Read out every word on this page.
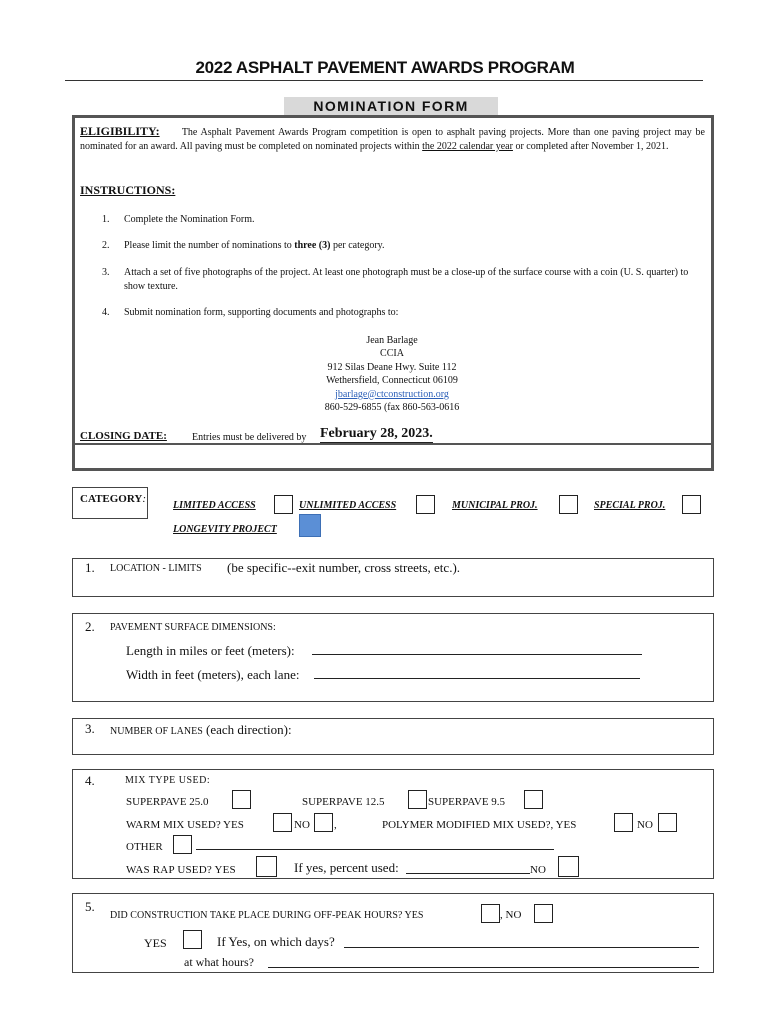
2022 ASPHALT PAVEMENT AWARDS PROGRAM
NOMINATION FORM
ELIGIBILITY: The Asphalt Pavement Awards Program competition is open to asphalt paving projects. More than one paving project may be nominated for an award. All paving must be completed on nominated projects within the 2022 calendar year or completed after November 1, 2021.
INSTRUCTIONS:
1. Complete the Nomination Form.
2. Please limit the number of nominations to three (3) per category.
3. Attach a set of five photographs of the project. At least one photograph must be a close-up of the surface course with a coin (U. S. quarter) to show texture.
4. Submit nomination form, supporting documents and photographs to:
Jean Barlage
CCIA
912 Silas Deane Hwy. Suite 112
Wethersfield, Connecticut 06109
jbarlage@ctconstruction.org
860-529-6855 (fax 860-563-0616
CLOSING DATE:	Entries must be delivered by February 28, 2023.
CATEGORY:
LIMITED ACCESS	UNLIMITED ACCESS	MUNICIPAL PROJ.	SPECIAL PROJ.
LONGEVITY PROJECT
1. LOCATION - LIMITS (be specific--exit number, cross streets, etc.).
2. PAVEMENT SURFACE DIMENSIONS:
Length in miles or feet (meters):
Width in feet (meters), each lane:
3. NUMBER OF LANES (each direction):
4.	MIX TYPE USED:
SUPERPAVE 25.0	SUPERPAVE 12.5	SUPERPAVE 9.5
WARM MIX USED? YES	NO ,	POLYMER MODIFIED MIX USED?, YES	NO
OTHER
WAS RAP USED? YES	If yes, percent used:	NO
5.
DID CONSTRUCTION TAKE PLACE DURING OFF-PEAK HOURS? YES	, NO
YES	If Yes, on which days?
at what hours?
